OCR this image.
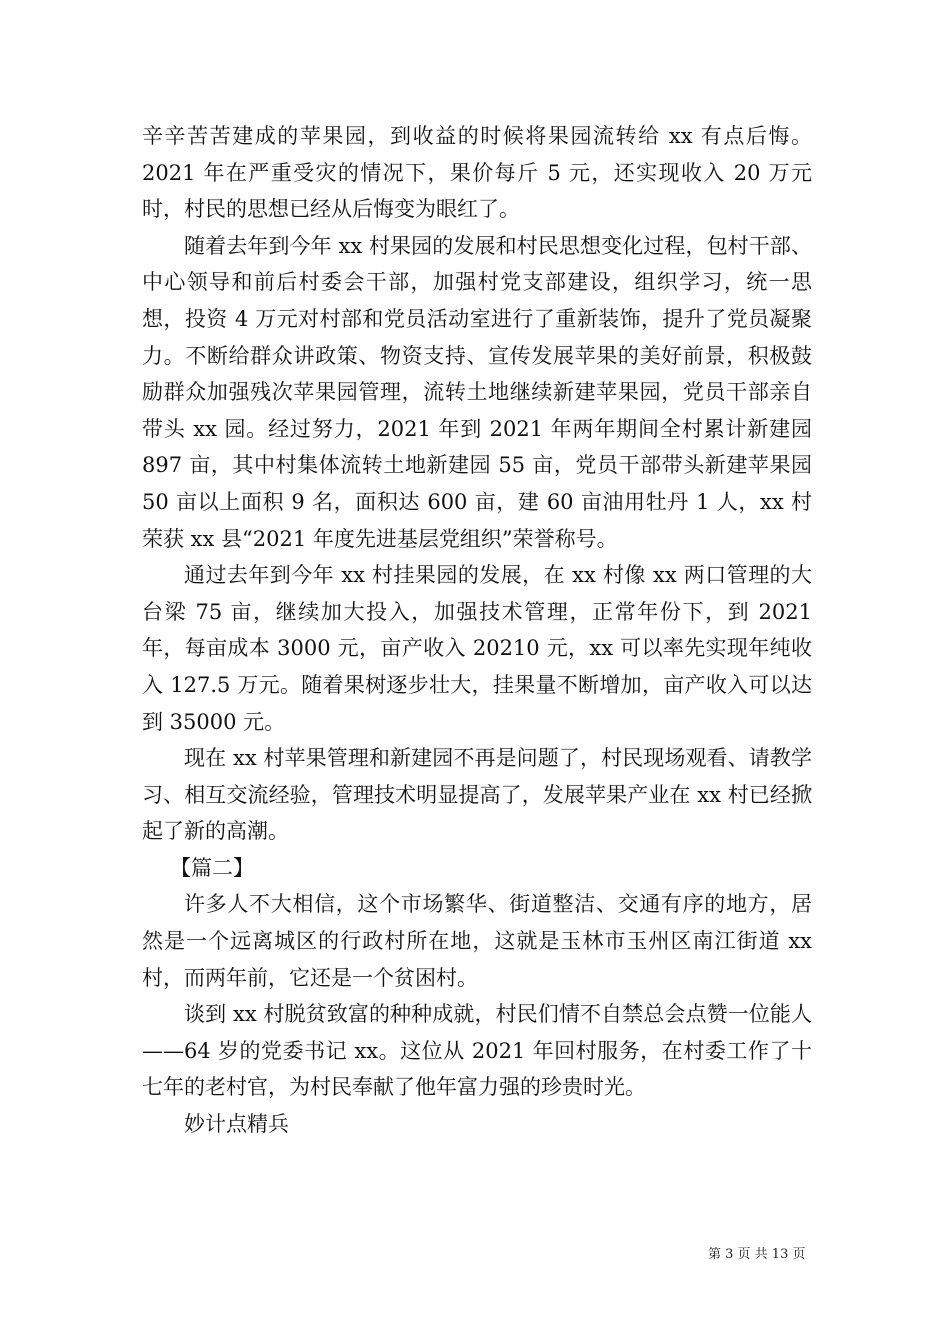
辛辛苦苦建成的苹果园，到收益的时候将果园流转给 xx 有点后悔。2021 年在严重受灾的情况下，果价每斤 5 元，还实现收入 20 万元时，村民的思想已经从后悔变为眼红了。

随着去年到今年 xx 村果园的发展和村民思想变化过程，包村干部、中心领导和前后村委会干部，加强村党支部建设，组织学习，统一思想，投资 4 万元对村部和党员活动室进行了重新装饰，提升了党员凝聚力。不断给群众讲政策、物资支持、宣传发展苹果的美好前景，积极鼓励群众加强残次苹果园管理，流转土地继续新建苹果园，党员干部亲自带头 xx 园。经过努力，2021 年到 2021 年两年期间全村累计新建园 897 亩，其中村集体流转土地新建园 55 亩，党员干部带头新建苹果园 50 亩以上面积 9 名，面积达 600 亩，建 60 亩油用牡丹 1 人，xx 村荣获 xx 县“2021 年度先进基层党组织”荣誉称号。

通过去年到今年 xx 村挂果园的发展，在 xx 村像 xx 两口管理的大台梁 75 亩，继续加大投入，加强技术管理，正常年份下，到 2021 年，每亩成本 3000 元，亩产收入 20210 元，xx 可以率先实现年纯收入 127.5 万元。随着果树逐步壮大，挂果量不断增加，亩产收入可以达到 35000 元。

现在 xx 村苹果管理和新建园不再是问题了，村民现场观看、请教学习、相互交流经验，管理技术明显提高了，发展苹果产业在 xx 村已经掀起了新的高潮。

【篇二】

许多人不大相信，这个市场繁华、街道整洁、交通有序的地方，居然是一个远离城区的行政村所在地，这就是玉林市玉州区南江街道 xx 村，而两年前，它还是一个贫困村。

谈到 xx 村脱贫致富的种种成就，村民们情不自禁总会点赞一位能人——64 岁的党委书记 xx。这位从 2021 年回村服务，在村委工作了十七年的老村官，为村民奉献了他年富力强的珍贵时光。

妙计点精兵

第 3 页 共 13 页
